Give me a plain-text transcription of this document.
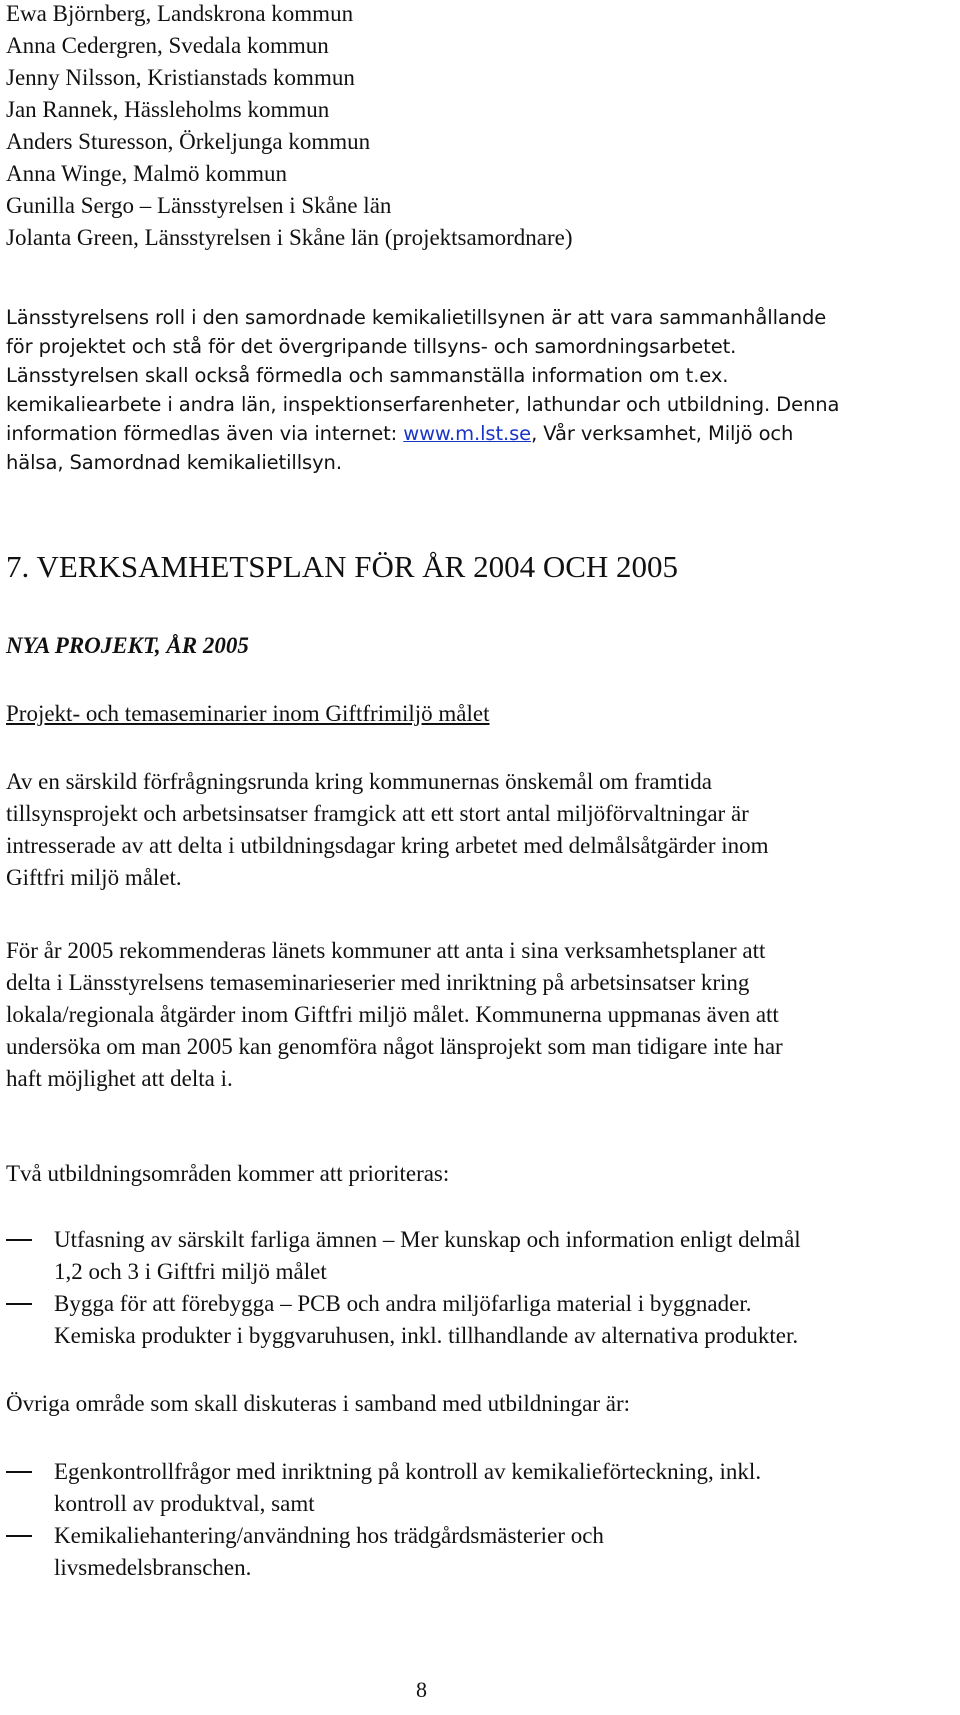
Ewa Björnberg, Landskrona kommun
Anna Cedergren, Svedala kommun
Jenny Nilsson, Kristianstads kommun
Jan Rannek, Hässleholms kommun
Anders Sturesson, Örkeljunga kommun
Anna Winge, Malmö kommun
Gunilla Sergo – Länsstyrelsen i Skåne län
Jolanta Green, Länsstyrelsen i Skåne län (projektsamordnare)
Länsstyrelsens roll i den samordnade kemikalietillsynen är att vara sammanhållande
för projektet och stå för det övergripande tillsyns- och samordningsarbetet.
Länsstyrelsen skall också förmedla och sammanställa information om t.ex.
kemikaliearbete i andra län, inspektionserfarenheter, lathundar och utbildning. Denna
information förmedlas även via internet: www.m.lst.se, Vår verksamhet, Miljö och
hälsa, Samordnad kemikalietillsyn.
7. VERKSAMHETSPLAN FÖR ÅR 2004 OCH 2005
NYA PROJEKT, ÅR 2005
Projekt- och temaseminarier inom Giftfrimiljö målet
Av en särskild förfrågningsrunda kring kommunernas önskemål om framtida
tillsynsprojekt och arbetsinsatser framgick att ett stort antal miljöförvaltningar är
intresserade av att delta i utbildningsdagar kring arbetet med delmålsåtgärder inom
Giftfri miljö målet.
För år 2005 rekommenderas länets kommuner att anta i sina verksamhetsplaner att
delta i Länsstyrelsens temaseminarieserier med inriktning på arbetsinsatser kring
lokala/regionala åtgärder inom Giftfri miljö målet. Kommunerna uppmanas även att
undersöka om man 2005 kan genomföra något länsprojekt som man tidigare inte har
haft möjlighet att delta i.
Två utbildningsområden kommer att prioriteras:
Utfasning av särskilt farliga ämnen – Mer kunskap och information enligt delmål
1,2 och 3 i Giftfri miljö målet
Bygga för att förebygga – PCB och andra miljöfarliga material i byggnader.
Kemiska produkter i byggvaruhusen, inkl. tillhandlande av alternativa produkter.
Övriga område som skall diskuteras i samband med utbildningar är:
Egenkontrollfrågor med inriktning på kontroll av kemikalieförteckning, inkl.
kontroll av produktval, samt
Kemikaliehantering/användning hos trädgårdsmästerier och
livsmedelsbranschen.
8
